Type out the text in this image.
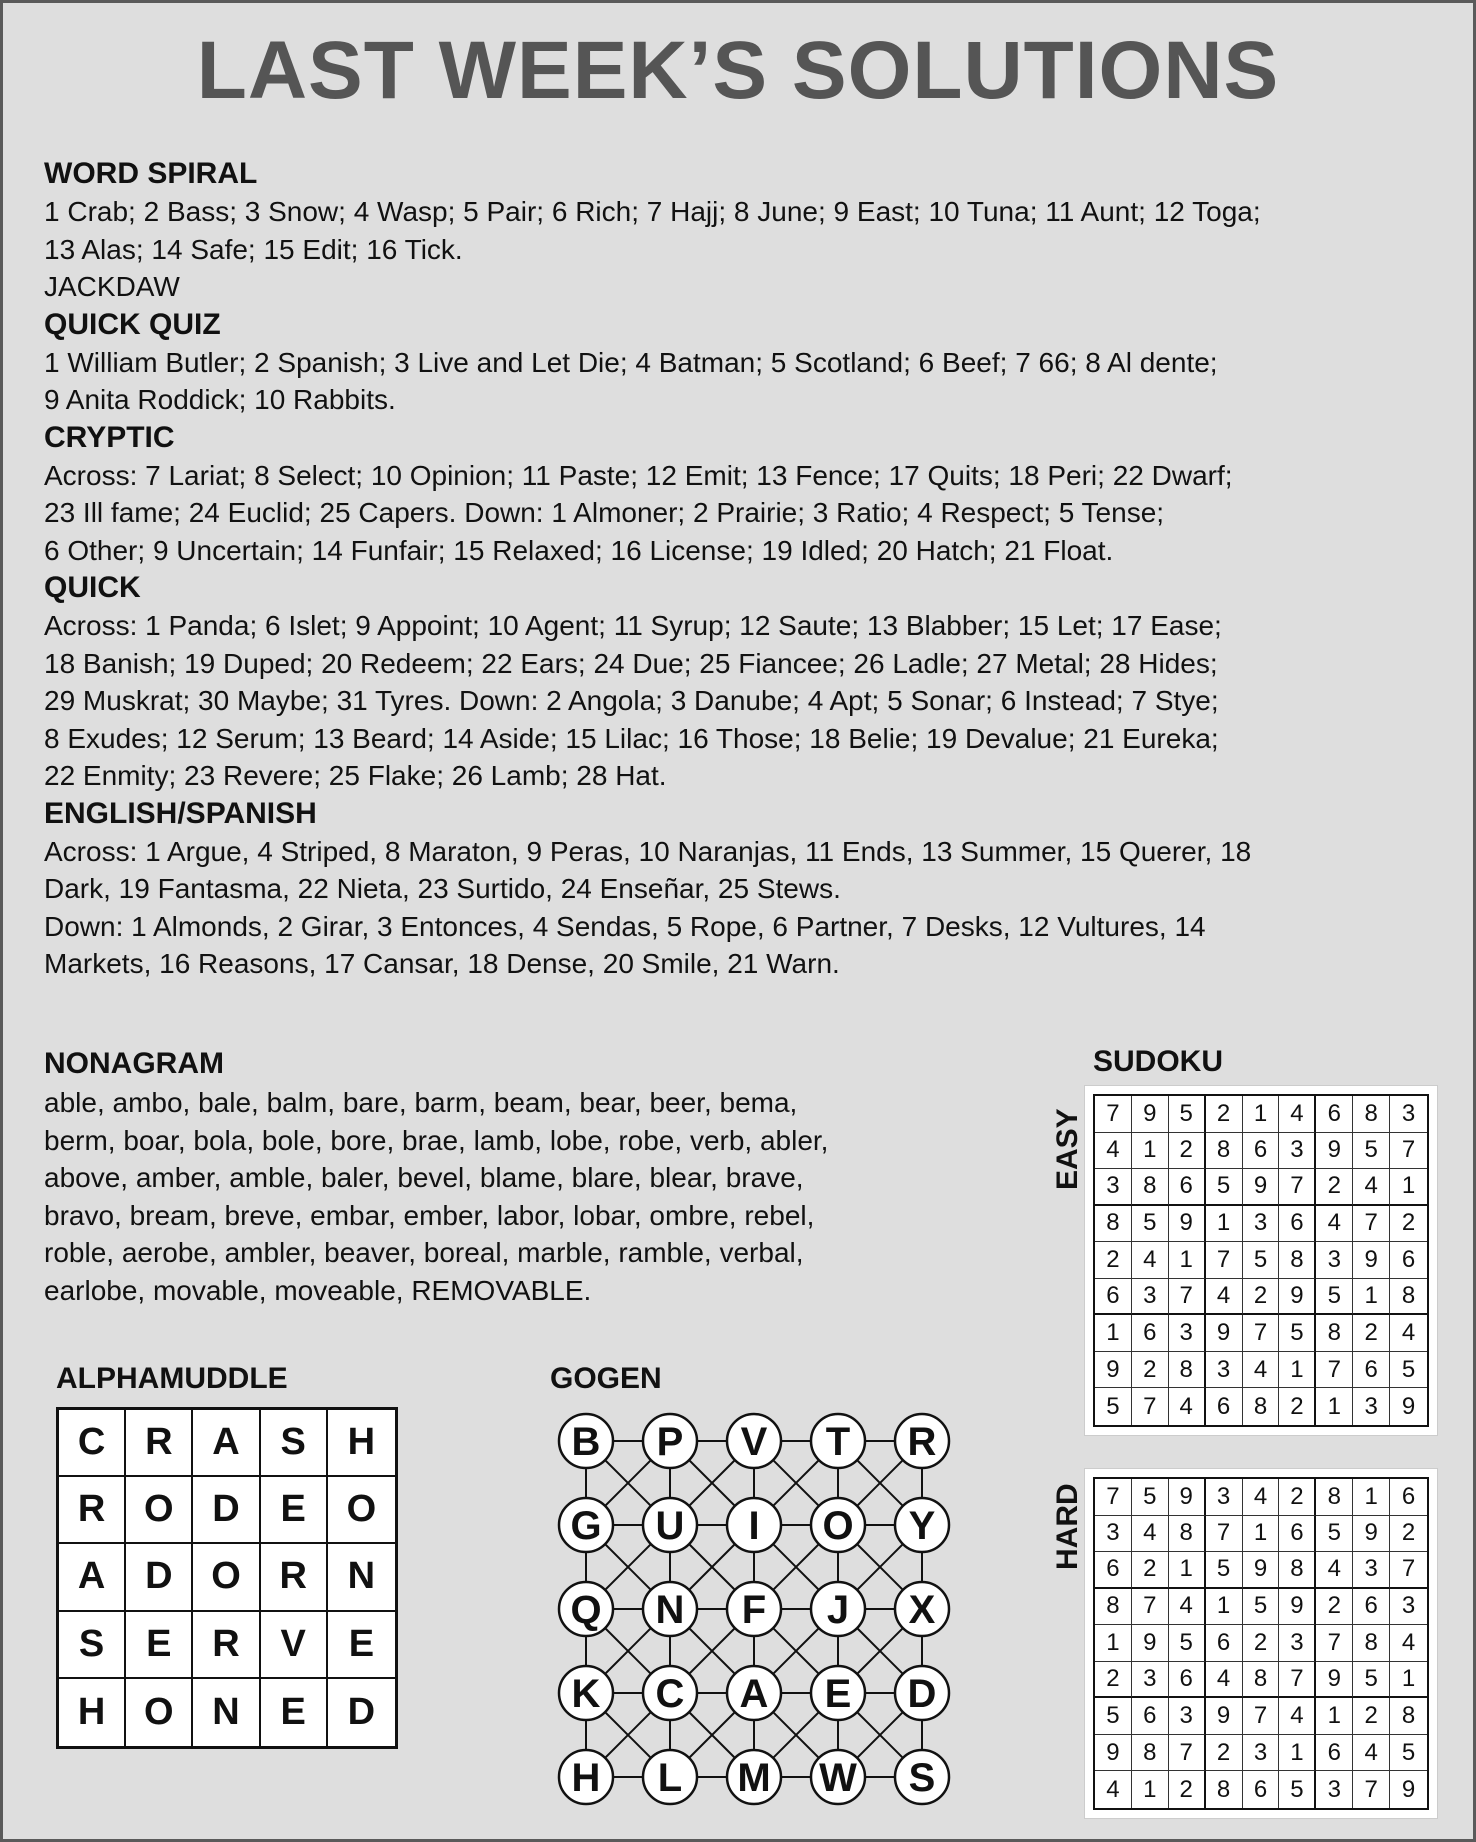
LAST WEEK’S SOLUTIONS
WORD SPIRAL
1 Crab; 2 Bass; 3 Snow; 4 Wasp; 5 Pair; 6 Rich; 7 Hajj; 8 June; 9 East; 10 Tuna; 11 Aunt; 12 Toga;
13 Alas; 14 Safe; 15 Edit; 16 Tick.
JACKDAW
QUICK QUIZ
1 William Butler; 2 Spanish; 3 Live and Let Die; 4 Batman; 5 Scotland; 6 Beef; 7 66; 8 Al dente;
9 Anita Roddick; 10 Rabbits.
CRYPTIC
Across: 7 Lariat; 8 Select; 10 Opinion; 11 Paste; 12 Emit; 13 Fence; 17 Quits; 18 Peri; 22 Dwarf;
23 Ill fame; 24 Euclid; 25 Capers. Down: 1 Almoner; 2 Prairie; 3 Ratio; 4 Respect; 5 Tense;
6 Other; 9 Uncertain; 14 Funfair; 15 Relaxed; 16 License; 19 Idled; 20 Hatch; 21 Float.
QUICK
Across: 1 Panda; 6 Islet; 9 Appoint; 10 Agent; 11 Syrup; 12 Saute; 13 Blabber; 15 Let; 17 Ease;
18 Banish; 19 Duped; 20 Redeem; 22 Ears; 24 Due; 25 Fiancee; 26 Ladle; 27 Metal; 28 Hides;
29 Muskrat; 30 Maybe; 31 Tyres. Down: 2 Angola; 3 Danube; 4 Apt; 5 Sonar; 6 Instead; 7 Stye;
8 Exudes; 12 Serum; 13 Beard; 14 Aside; 15 Lilac; 16 Those; 18 Belie; 19 Devalue; 21 Eureka;
22 Enmity; 23 Revere; 25 Flake; 26 Lamb; 28 Hat.
ENGLISH/SPANISH
Across: 1 Argue, 4 Striped, 8 Maraton, 9 Peras, 10 Naranjas, 11 Ends, 13 Summer, 15 Querer, 18
Dark, 19 Fantasma, 22 Nieta, 23 Surtido, 24 Enseñar, 25 Stews.
Down: 1 Almonds, 2 Girar, 3 Entonces, 4 Sendas, 5 Rope, 6 Partner, 7 Desks, 12 Vultures, 14
Markets, 16 Reasons, 17 Cansar, 18 Dense, 20 Smile, 21 Warn.
NONAGRAM
able, ambo, bale, balm, bare, barm, beam, bear, beer, bema,
berm, boar, bola, bole, bore, brae, lamb, lobe, robe, verb, abler,
above, amber, amble, baler, bevel, blame, blare, blear, brave,
bravo, bream, breve, embar, ember, labor, lobar, ombre, rebel,
roble, aerobe, ambler, beaver, boreal, marble, ramble, verbal,
earlobe, movable, moveable, REMOVABLE.
ALPHAMUDDLE
C	R	A	S	H
R	O	D	E	O
A	D	O	R	N
S	E	R	V	E
H	O	N	E	D
GOGEN
B P V T R
G U I O Y
Q N F J X
K C A E D
H L M W S
SUDOKU
EASY 7 9 5	2 1 4	6 8	3
4 1 2	8 6 3	9 5	7
3 8 6	5 9 7	2 4	1
8 5 9	1 3 6	4 7	2
2 4 1	7 5 8	3 9	6
6 3 7	4 2 9	5 1	8
1 6 3	9 7 5	8 2	4
9 2 8	3 4 1	7 6	5
5 7 4	6 8 2	1 3	9
HARD 7 5 9	3 4 2	8 1	6
3 4 8	7 1 6	5 9	2
6 2 1	5 9 8	4 3	7
8 7 4	1 5 9	2 6	3
1 9 5	6 2 3	7 8	4
2 3 6	4 8 7	9 5	1
5 6 3	9 7 4	1 2	8
9 8 7	2 3 1	6 4	5
4 1 2	8 6 5	3 7	9
